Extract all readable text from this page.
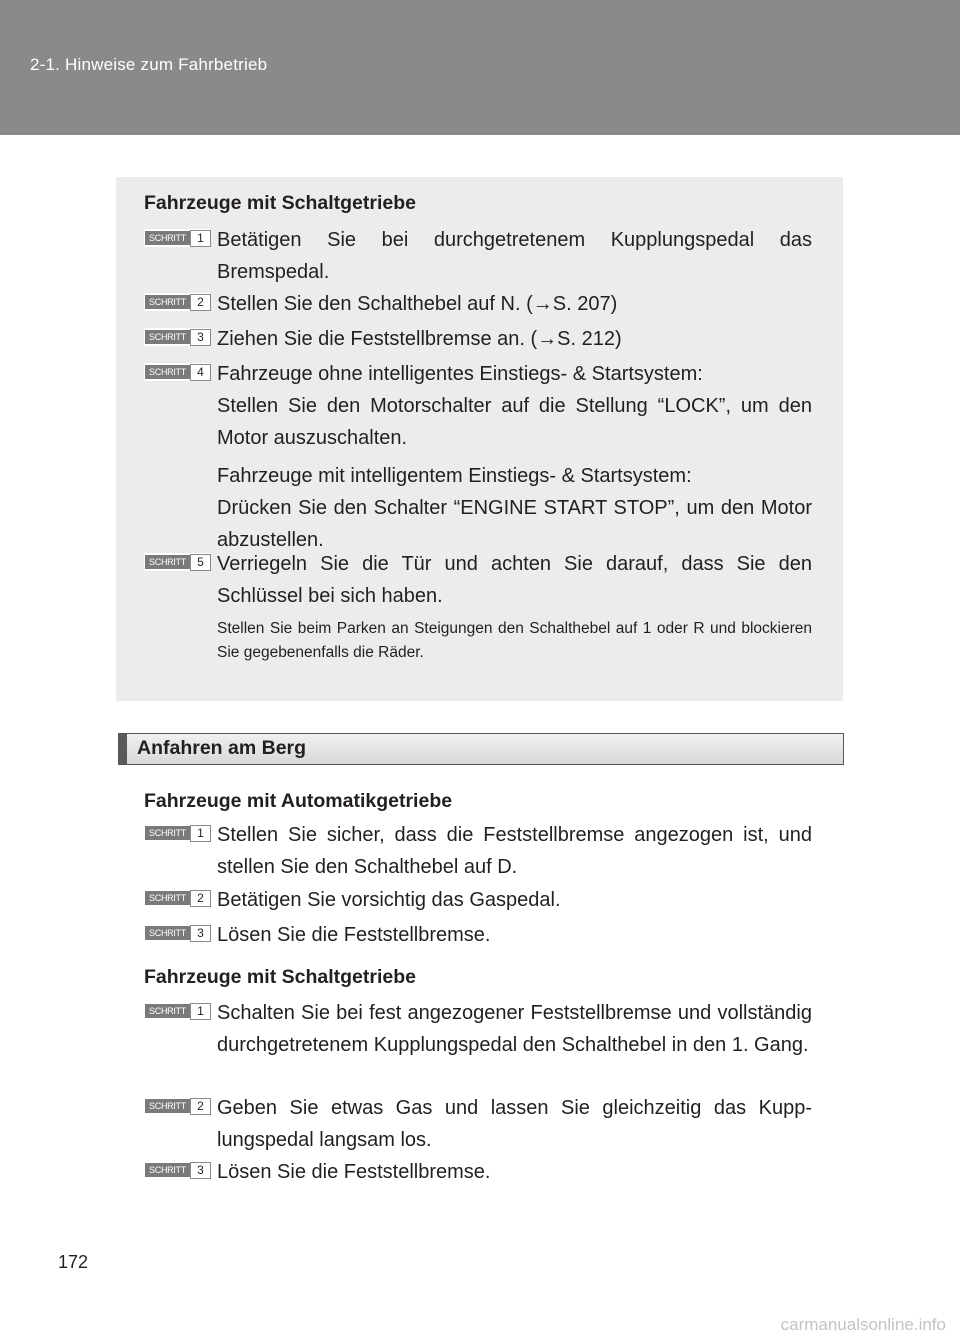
2-1. Hinweise zum Fahrbetrieb
Fahrzeuge mit Schaltgetriebe
SCHRITT 1 Betätigen Sie bei durchgetretenem Kupplungspedal das Bremspedal.
SCHRITT 2 Stellen Sie den Schalthebel auf N. (→S. 207)
SCHRITT 3 Ziehen Sie die Feststellbremse an. (→S. 212)
SCHRITT 4 Fahrzeuge ohne intelligentes Einstiegs- & Startsystem:
Stellen Sie den Motorschalter auf die Stellung “LOCK”, um den Motor auszuschalten.
Fahrzeuge mit intelligentem Einstiegs- & Startsystem:
Drücken Sie den Schalter “ENGINE START STOP”, um den Motor abzustellen.
SCHRITT 5 Verriegeln Sie die Tür und achten Sie darauf, dass Sie den Schlüssel bei sich haben.
Stellen Sie beim Parken an Steigungen den Schalthebel auf 1 oder R und blockieren Sie gegebenenfalls die Räder.
Anfahren am Berg
Fahrzeuge mit Automatikgetriebe
SCHRITT 1 Stellen Sie sicher, dass die Feststellbremse angezogen ist, und stellen Sie den Schalthebel auf D.
SCHRITT 2 Betätigen Sie vorsichtig das Gaspedal.
SCHRITT 3 Lösen Sie die Feststellbremse.
Fahrzeuge mit Schaltgetriebe
SCHRITT 1 Schalten Sie bei fest angezogener Feststellbremse und vollständig durchgetretenem Kupplungspedal den Schalthebel in den 1. Gang.
SCHRITT 2 Geben Sie etwas Gas und lassen Sie gleichzeitig das Kupplungspedal langsam los.
SCHRITT 3 Lösen Sie die Feststellbremse.
172
carmanualsonline.info
